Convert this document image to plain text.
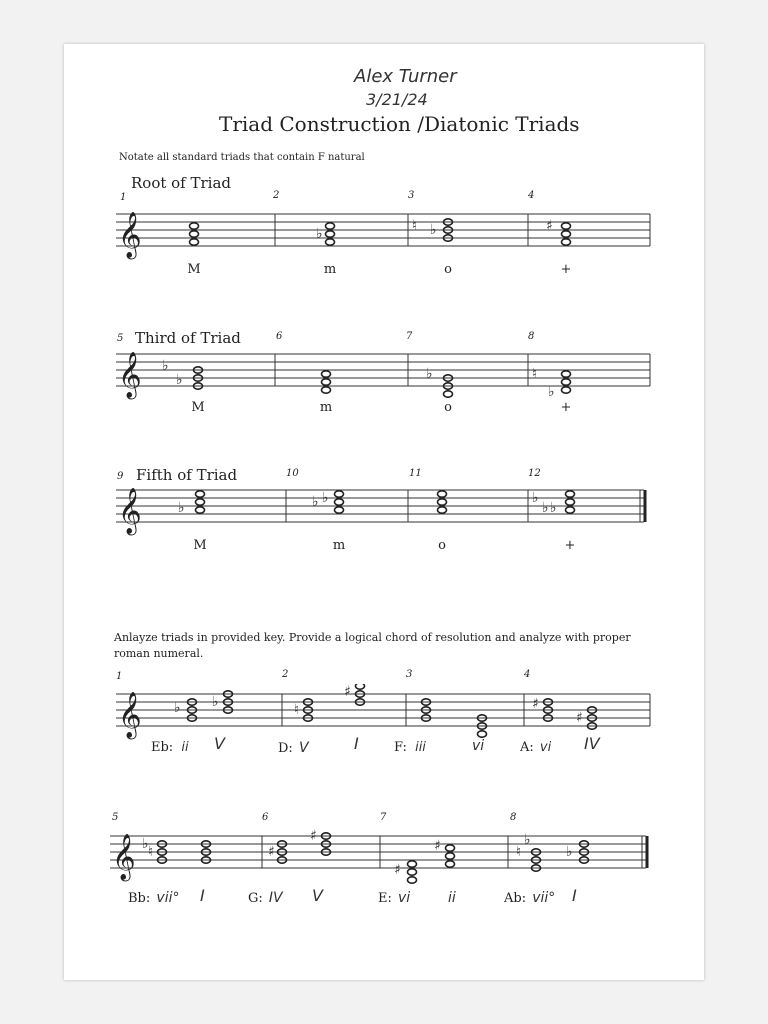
Alex Turner
3/21/24
Triad Construction /Diatonic Triads
Notate all standard triads that contain F natural
Root of Triad
1	2	3	4
𝄞	♭	♮ ♭	♯
M	m	o	+
5 Third of Triad	6	7	8
𝄞 ♭
♭	♭	♮
♭
M	m	o	+
9 Fifth of Triad	10	11	12
𝄞	♭	♭ ♭	♭
♭ ♭
M	m	o	+
Anlayze triads in provided key. Provide a logical chord of resolution and analyze with proper roman numeral.
1	2	3	4
𝄞 ♭ ♭	♮
♯
♯
♯
Eb: ii V	D: V	I	F: iii	vi	A: vi IV
5	6	7	8
𝄞 ♭ ♮	♯
♯
♯
♯	♮
♭
♭
Bb: vii° I	G: IV V	E: vi	ii	Ab: vii° I
